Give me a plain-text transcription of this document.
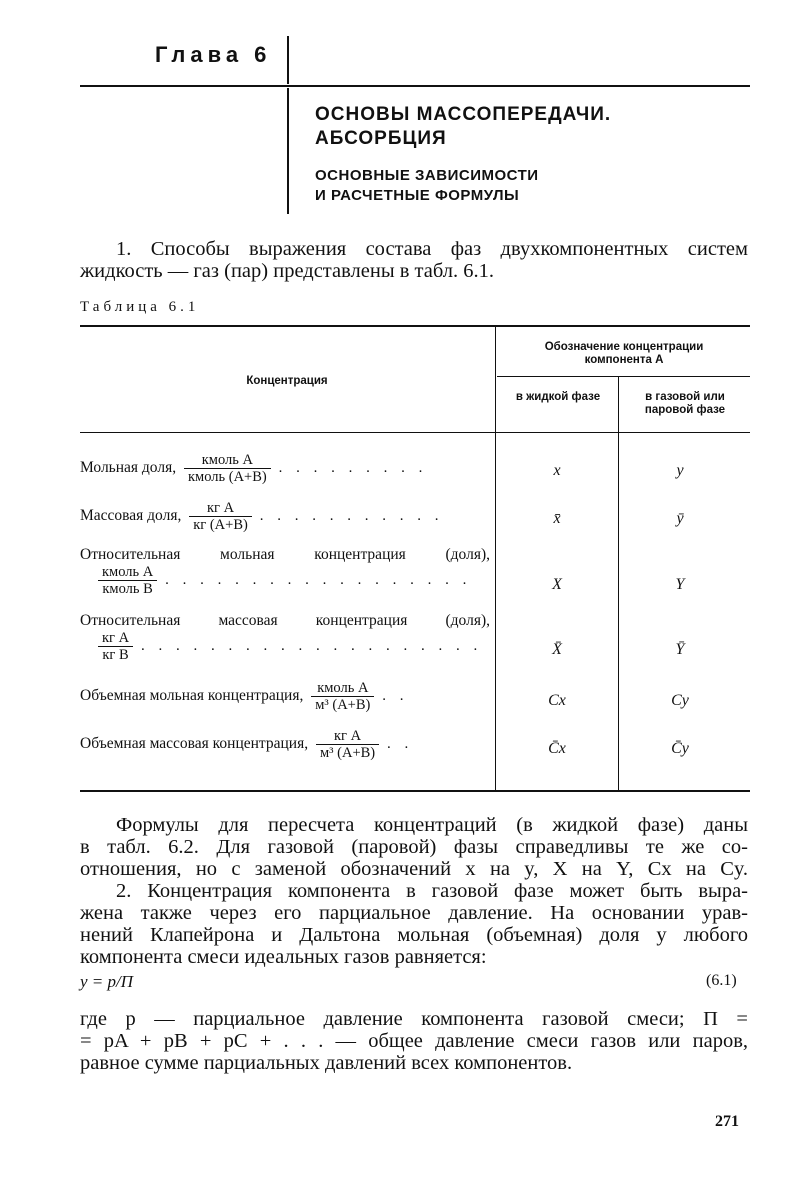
Глава 6
ОСНОВЫ МАССОПЕРЕДАЧИ.
АБСОРБЦИЯ
ОСНОВНЫЕ ЗАВИСИМОСТИ
И РАСЧЕТНЫЕ ФОРМУЛЫ
1. Способы выражения состава фаз двухкомпонентных систем
жидкость — газ (пар) представлены в табл. 6.1.
Таблица 6.1
Концентрация
Обозначение концентрации компонента А
в жидкой фазе	в газовой или паровой фазе
Мольная доля, $\frac{\text{кмоль А}}{\text{кмоль (А+В)}}$ . . . . . . . . .	x	y
Массовая доля, $\frac{\text{кг А}}{кг (А+В)}$ . . . . . . . . . . .	x̄	ȳ
Относительная мольная концентрация (доля),
$\frac{\text{кмоль А}}{\text{кмоль В}}$ . . . . . . . . . . . . . . . . . .	X	Y
Относительная массовая концентрация (доля),
$\frac{\text{кг А}}{\text{кг В}}$ . . . . . . . . . . . . . . . . . . . .	X̄	Ȳ
Объемная мольная концентрация, $\frac{\text{кмоль А}}{\text{м³ (А+В)}}$ . .	Cx	Cy
Объемная массовая концентрация, $\frac{\text{кг А}}{\text{м³ (А+В)}}$ . .	C̄x	C̄y
Формулы для пересчета концентраций (в жидкой фазе) даны
в табл. 6.2. Для газовой (паровой) фазы справедливы те же со-
отношения, но с заменой обозначений x на y, X на Y, Cx на Cy.
2. Концентрация компонента в газовой фазе может быть выра-
жена также через его парциальное давление. На основании урав-
нений Клапейрона и Дальтона мольная (объемная) доля у любого
компонента смеси идеальных газов равняется:
y = p/П	(6.1)
где p — парциальное давление компонента газовой смеси; П =
= pA + pB + pC + . . . — общее давление смеси газов или паров,
равное сумме парциальных давлений всех компонентов.
271
